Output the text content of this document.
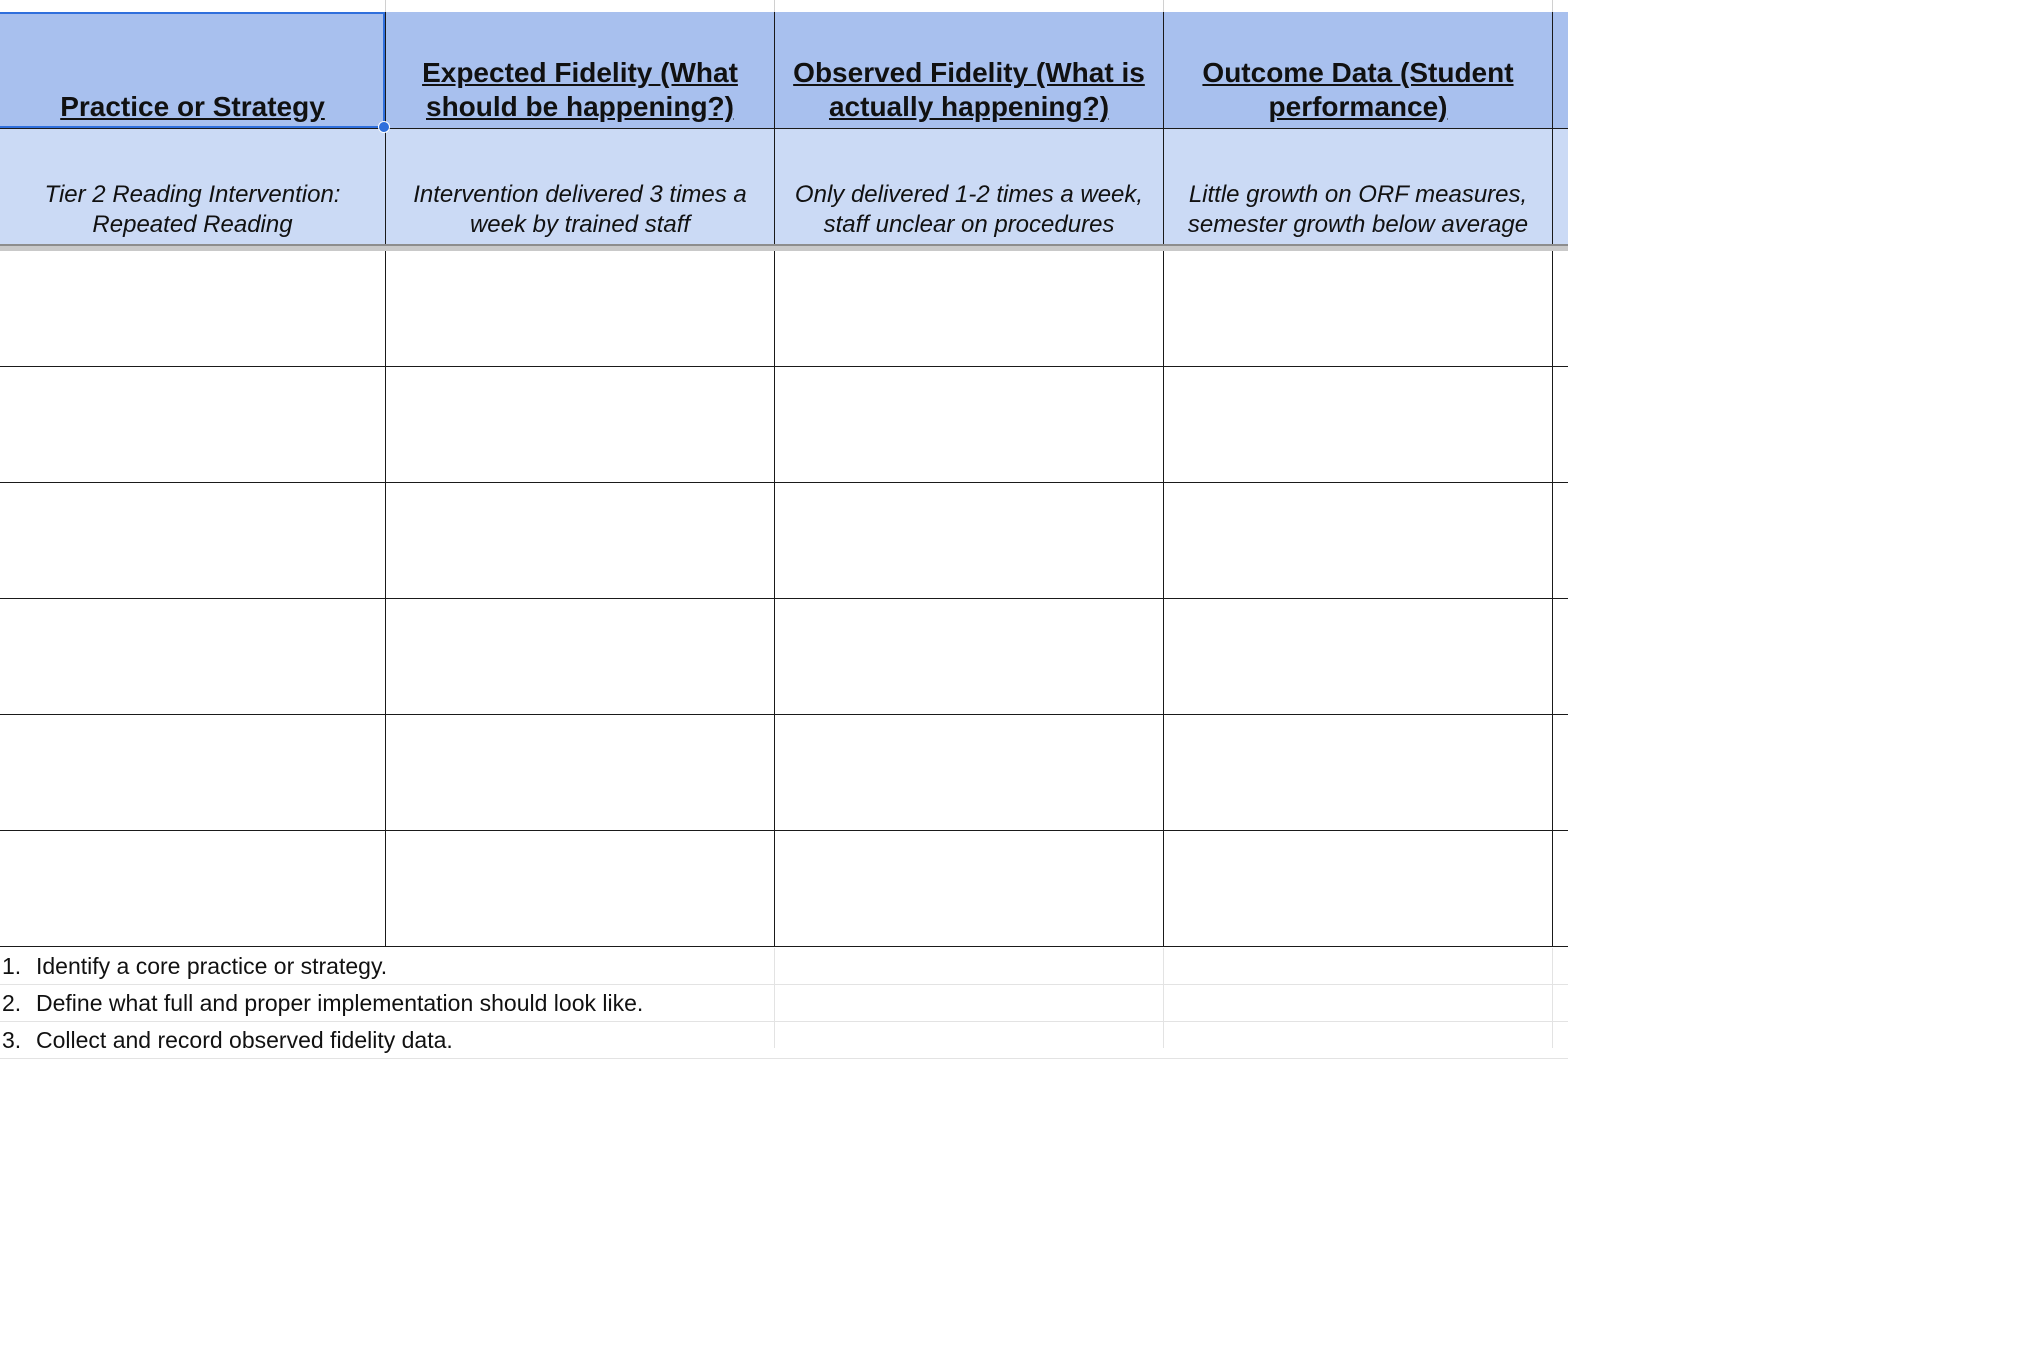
Practice or Strategy
Expected Fidelity (What should be happening?)
Observed Fidelity (What is actually happening?)
Outcome Data (Student performance)
Tier 2 Reading Intervention: Repeated Reading
Intervention delivered 3 times a week by trained staff
Only delivered 1-2 times a week, staff unclear on procedures
Little growth on ORF measures, semester growth below average
1. Identify a core practice or strategy.
2. Define what full and proper implementation should look like.
3. Collect and record observed fidelity data.
